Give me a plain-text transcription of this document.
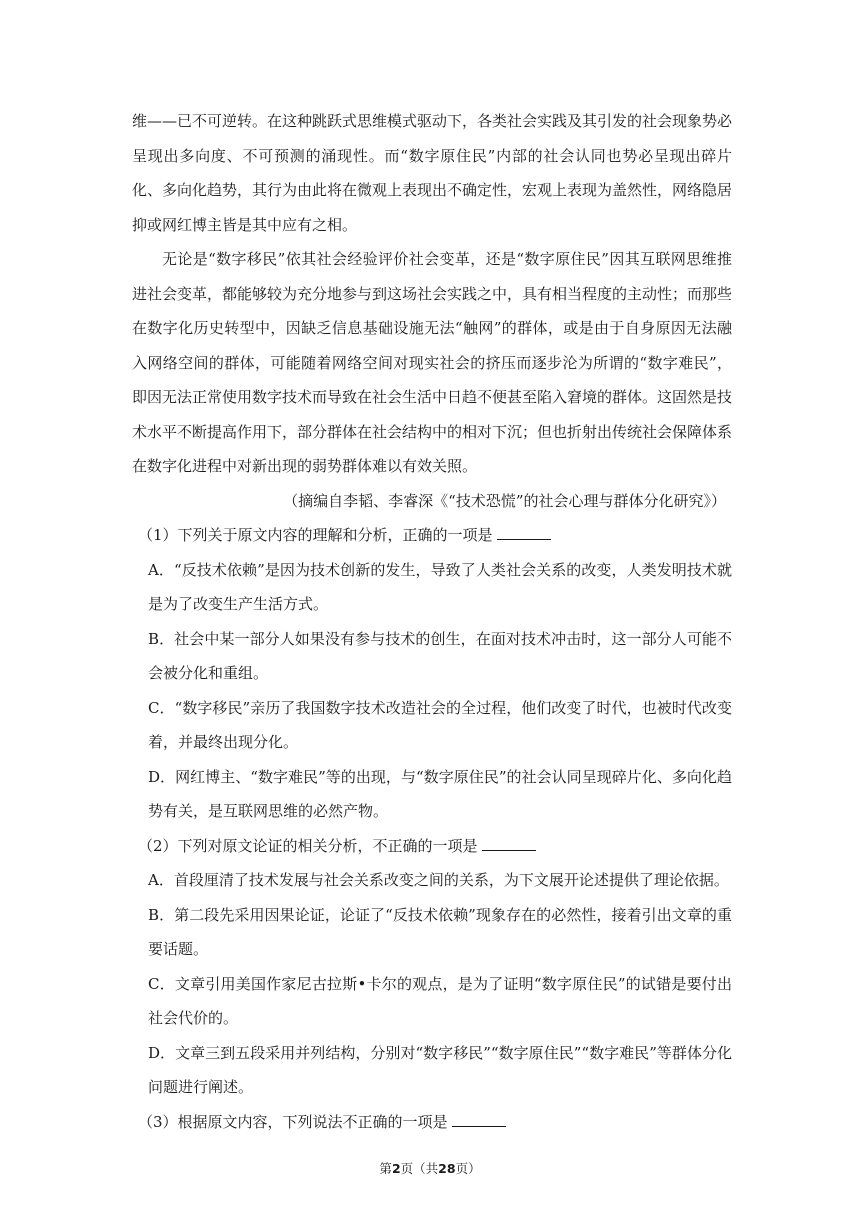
维——已不可逆转。在这种跳跃式思维模式驱动下，各类社会实践及其引发的社会现象势必呈现出多向度、不可预测的涌现性。而“数字原住民”内部的社会认同也势必呈现出碎片化、多向化趋势，其行为由此将在微观上表现出不确定性，宏观上表现为盖然性，网络隐居抑或网红博主皆是其中应有之相。

无论是“数字移民”依其社会经验评价社会变革，还是“数字原住民”因其互联网思维推进社会变革，都能够较为充分地参与到这场社会实践之中，具有相当程度的主动性；而那些在数字化历史转型中，因缺乏信息基础设施无法“触网”的群体，或是由于自身原因无法融入网络空间的群体，可能随着网络空间对现实社会的挤压而逐步沦为所谓的“数字难民”，即因无法正常使用数字技术而导致在社会生活中日趋不便甚至陷入窘境的群体。这固然是技术水平不断提高作用下，部分群体在社会结构中的相对下沉；但也折射出传统社会保障体系在数字化进程中对新出现的弱势群体难以有效关照。

（摘编自李韬、李睿深《“技术恐慌”的社会心理与群体分化研究》）

（1）下列关于原文内容的理解和分析，正确的一项是

A．“反技术依赖”是因为技术创新的发生，导致了人类社会关系的改变，人类发明技术就是为了改变生产生活方式。

B．社会中某一部分人如果没有参与技术的创生，在面对技术冲击时，这一部分人可能不会被分化和重组。

C．“数字移民”亲历了我国数字技术改造社会的全过程，他们改变了时代，也被时代改变着，并最终出现分化。

D．网红博主、“数字难民”等的出现，与“数字原住民”的社会认同呈现碎片化、多向化趋势有关，是互联网思维的必然产物。

（2）下列对原文论证的相关分析，不正确的一项是

A．首段厘清了技术发展与社会关系改变之间的关系，为下文展开论述提供了理论依据。

B．第二段先采用因果论证，论证了“反技术依赖”现象存在的必然性，接着引出文章的重要话题。

C．文章引用美国作家尼古拉斯•卡尔的观点，是为了证明“数字原住民”的试错是要付出社会代价的。

D．文章三到五段采用并列结构，分别对“数字移民”“数字原住民”“数字难民”等群体分化问题进行阐述。

（3）根据原文内容，下列说法不正确的一项是

第2页（共28页）
